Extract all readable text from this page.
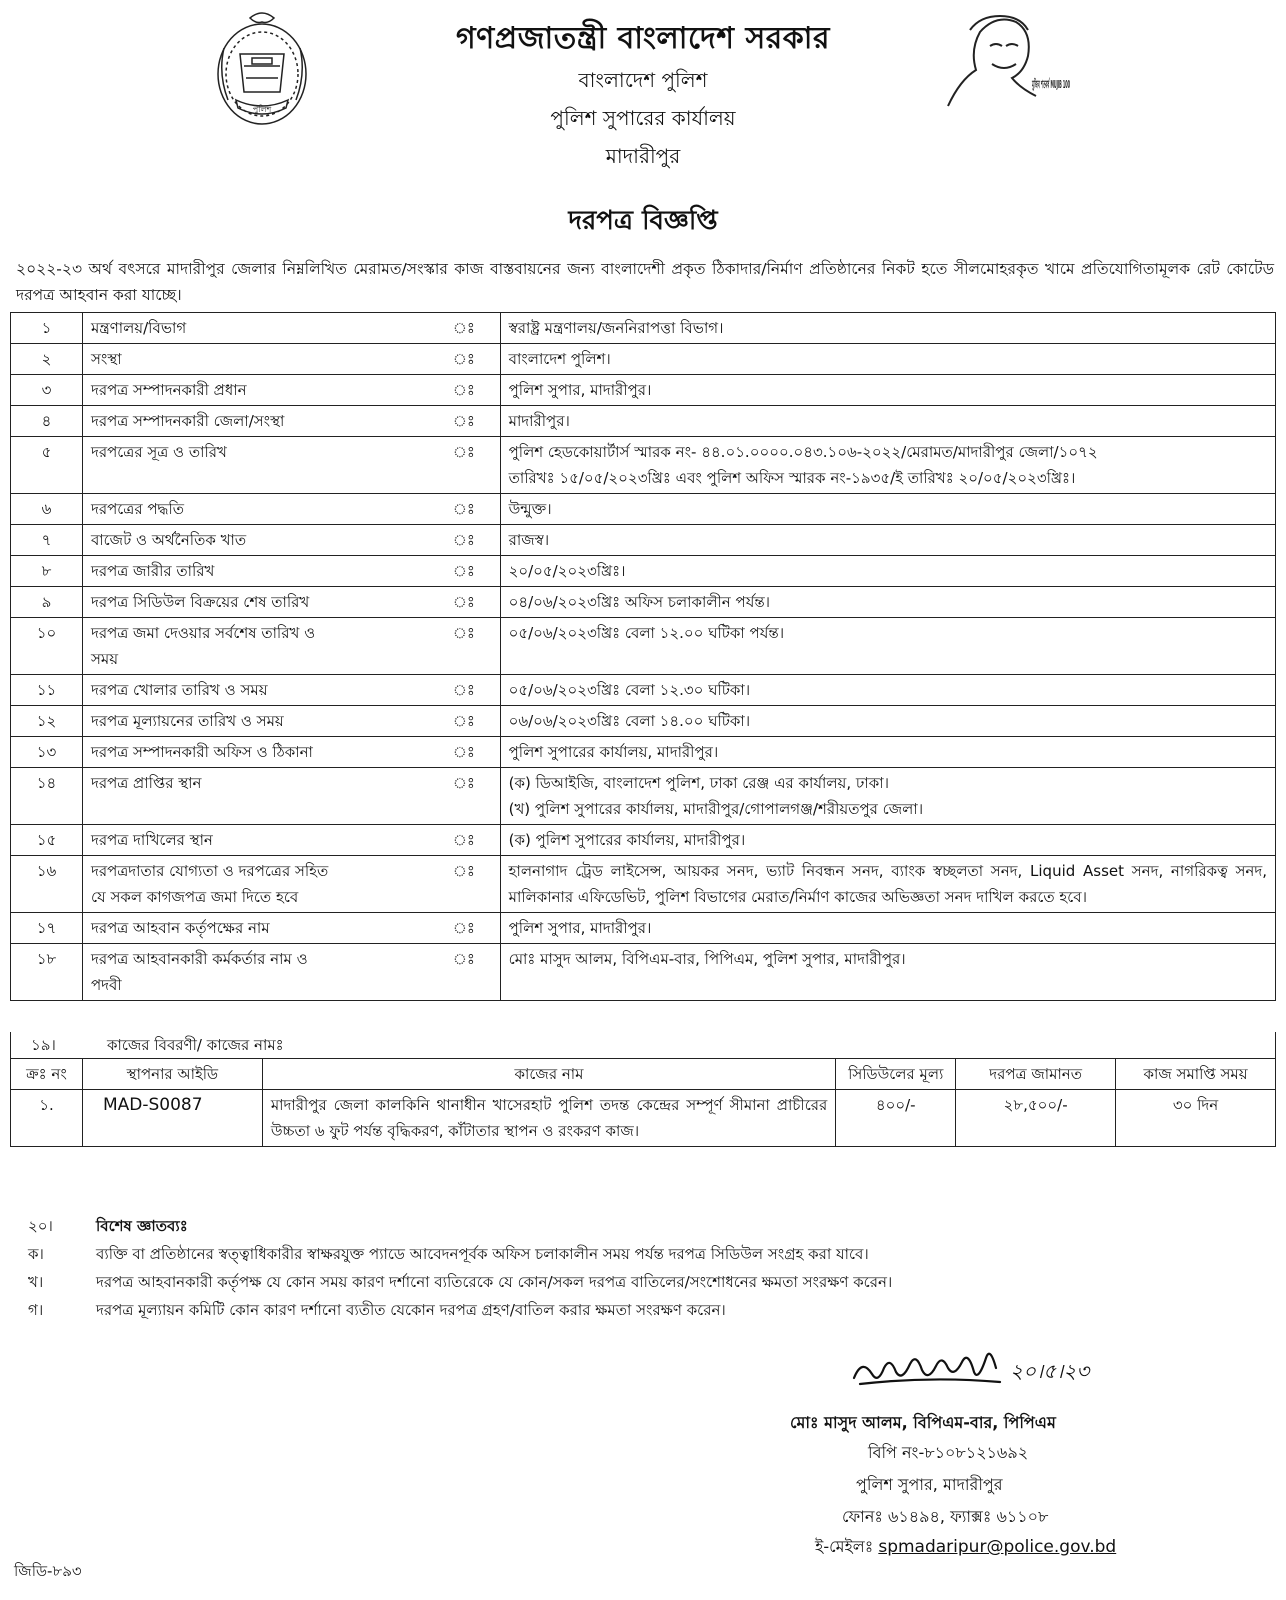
পুলিশ
মুজিব শতবর্ষ MUJIB 100
গণপ্রজাতন্ত্রী বাংলাদেশ সরকার
বাংলাদেশ পুলিশ
পুলিশ সুপারের কার্যালয়
মাদারীপুর
দরপত্র বিজ্ঞপ্তি

২০২২-২৩ অর্থ বৎসরে মাদারীপুর জেলার নিম্নলিখিত মেরামত/সংস্কার কাজ বাস্তবায়নের জন্য বাংলাদেশী প্রকৃত ঠিকাদার/নির্মাণ প্রতিষ্ঠানের নিকট হতে সীলমোহরকৃত খামে প্রতিযোগিতামূলক রেট কোটেড দরপত্র আহবান করা যাচ্ছে।

১	মন্ত্রণালয়/বিভাগ	ঃ	স্বরাষ্ট্র মন্ত্রণালয়/জননিরাপত্তা বিভাগ।

২	সংস্থা	ঃ	বাংলাদেশ পুলিশ।

৩	দরপত্র সম্পাদনকারী প্রধান	ঃ	পুলিশ সুপার, মাদারীপুর।

৪	দরপত্র সম্পাদনকারী জেলা/সংস্থা	ঃ	মাদারীপুর।

৫	দরপত্রের সূত্র ও তারিখ	ঃ	পুলিশ হেডকোয়ার্টার্স স্মারক নং- ৪৪.০১.০০০০.০৪৩.১০৬-২০২২/মেরামত/মাদারীপুর জেলা/১০৭২
তারিখঃ ১৫/০৫/২০২৩খ্রিঃ এবং পুলিশ অফিস স্মারক নং-১৯৩৫/ই তারিখঃ ২০/০৫/২০২৩খ্রিঃ।

৬	দরপত্রের পদ্ধতি	ঃ	উন্মুক্ত।

৭	বাজেট ও অর্থনৈতিক খাত	ঃ	রাজস্ব।

৮	দরপত্র জারীর তারিখ	ঃ	২০/০৫/২০২৩খ্রিঃ।

৯	দরপত্র সিডিউল বিক্রয়ের শেষ তারিখ	ঃ	০৪/০৬/২০২৩খ্রিঃ অফিস চলাকালীন পর্যন্ত।

১০	দরপত্র জমা দেওয়ার সর্বশেষ তারিখ ও
সময়	ঃ	০৫/০৬/২০২৩খ্রিঃ বেলা ১২.০০ ঘটিকা পর্যন্ত।

১১	দরপত্র খোলার তারিখ ও সময়	ঃ	০৫/০৬/২০২৩খ্রিঃ বেলা ১২.৩০ ঘটিকা।

১২	দরপত্র মূল্যায়নের তারিখ ও সময়	ঃ	০৬/০৬/২০২৩খ্রিঃ বেলা ১৪.০০ ঘটিকা।

১৩	দরপত্র সম্পাদনকারী অফিস ও ঠিকানা	ঃ	পুলিশ সুপারের কার্যালয়, মাদারীপুর।

১৪	দরপত্র প্রাপ্তির স্থান	ঃ	(ক) ডিআইজি, বাংলাদেশ পুলিশ, ঢাকা রেঞ্জ এর কার্যালয়, ঢাকা।
(খ) পুলিশ সুপারের কার্যালয়, মাদারীপুর/গোপালগঞ্জ/শরীয়তপুর জেলা।

১৫	দরপত্র দাখিলের স্থান	ঃ	(ক) পুলিশ সুপারের কার্যালয়, মাদারীপুর।

১৬	দরপত্রদাতার যোগ্যতা ও দরপত্রের সহিত
যে সকল কাগজপত্র জমা দিতে হবে	ঃ	হালনাগাদ ট্রেড লাইসেন্স, আয়কর সনদ, ভ্যাট নিবন্ধন সনদ, ব্যাংক স্বচ্ছলতা সনদ, Liquid Asset সনদ, নাগরিকত্ব সনদ, মালিকানার এফিডেভিট, পুলিশ বিভাগের মেরাত/নির্মাণ কাজের অভিজ্ঞতা সনদ দাখিল করতে হবে।

১৭	দরপত্র আহবান কর্তৃপক্ষের নাম	ঃ	পুলিশ সুপার, মাদারীপুর।

১৮	দরপত্র আহবানকারী কর্মকর্তার নাম ও
পদবী	ঃ	মোঃ মাসুদ আলম, বিপিএম-বার, পিপিএম, পুলিশ সুপার, মাদারীপুর।
১৯।	কাজের বিবরণী/ কাজের নামঃ
ক্রঃ নং	স্থাপনার আইডি	কাজের নাম	সিডিউলের মূল্য	দরপত্র জামানত	কাজ সমাপ্তি সময়
১.	MAD-S0087	মাদারীপুর জেলা কালকিনি থানাধীন খাসেরহাট পুলিশ তদন্ত কেন্দ্রের সম্পূর্ণ সীমানা প্রাচীরের উচ্চতা ৬ ফুট পর্যন্ত বৃদ্ধিকরণ, কাঁটাতার স্থাপন ও রংকরণ কাজ।	৪০০/-	২৮,৫০০/-	৩০ দিন
২০।	বিশেষ জ্ঞাতব্যঃ
ক।	ব্যক্তি বা প্রতিষ্ঠানের স্বত্ত্বাধিকারীর স্বাক্ষরযুক্ত প্যাডে আবেদনপূর্বক অফিস চলাকালীন সময় পর্যন্ত দরপত্র সিডিউল সংগ্রহ করা যাবে।
খ।	দরপত্র আহবানকারী কর্তৃপক্ষ যে কোন সময় কারণ দর্শানো ব্যতিরেকে যে কোন/সকল দরপত্র বাতিলের/সংশোধনের ক্ষমতা সংরক্ষণ করেন।
গ।	দরপত্র মূল্যায়ন কমিটি কোন কারণ দর্শানো ব্যতীত যেকোন দরপত্র গ্রহণ/বাতিল করার ক্ষমতা সংরক্ষণ করেন।
২০।৫।২৩
মোঃ মাসুদ আলম, বিপিএম-বার, পিপিএম
বিপি নং-৮১০৮১২১৬৯২
পুলিশ সুপার, মাদারীপুর
ফোনঃ ৬১৪৯৪, ফ্যাক্সঃ ৬১১০৮
ই-মেইলঃ spmadaripur@police.gov.bd
জিডি-৮৯৩
